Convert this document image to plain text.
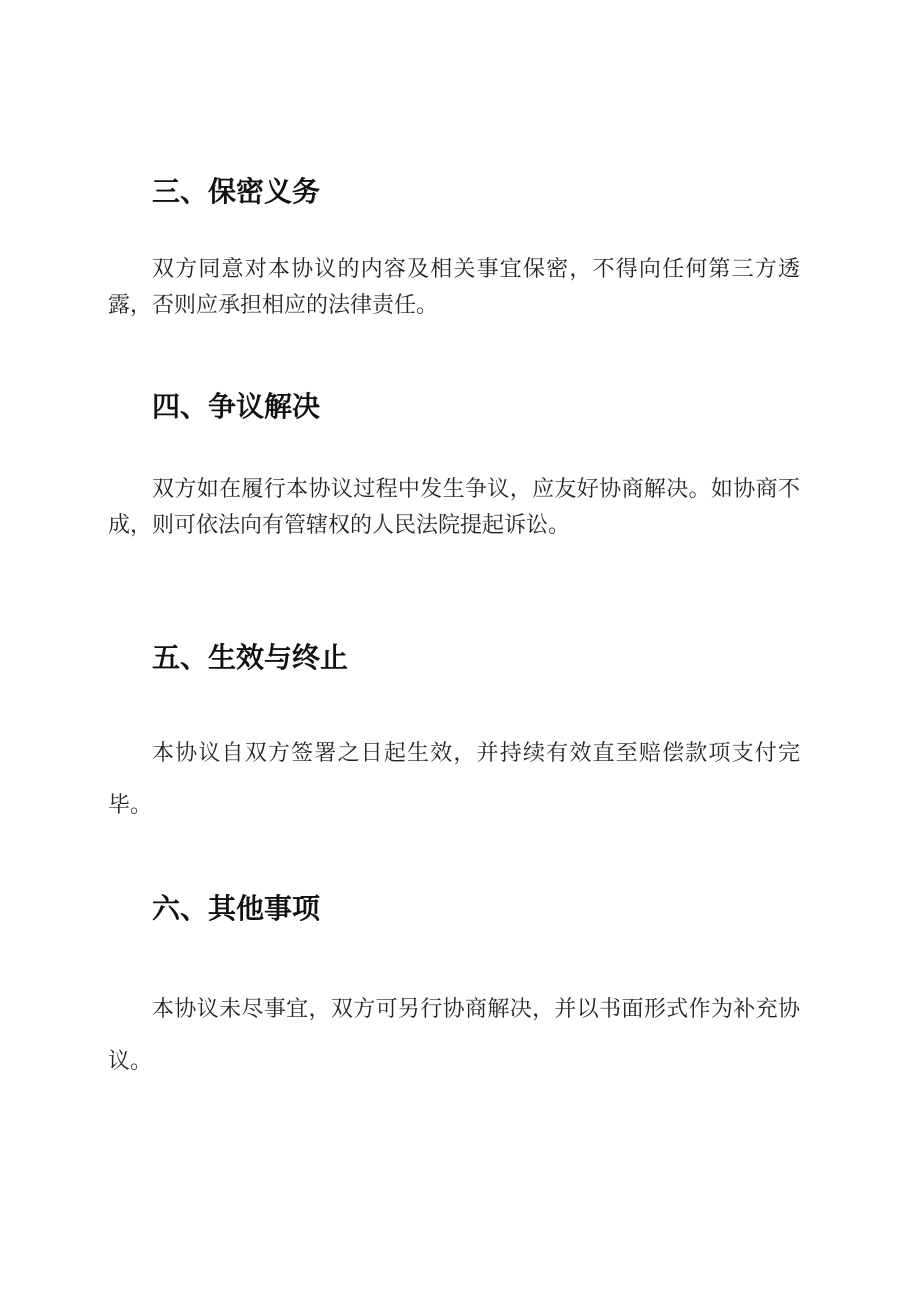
三、保密义务

双方同意对本协议的内容及相关事宜保密，不得向任何第三方透露，否则应承担相应的法律责任。

四、争议解决

双方如在履行本协议过程中发生争议，应友好协商解决。如协商不成，则可依法向有管辖权的人民法院提起诉讼。

五、生效与终止

本协议自双方签署之日起生效，并持续有效直至赔偿款项支付完毕。

六、其他事项

本协议未尽事宜，双方可另行协商解决，并以书面形式作为补充协议。
